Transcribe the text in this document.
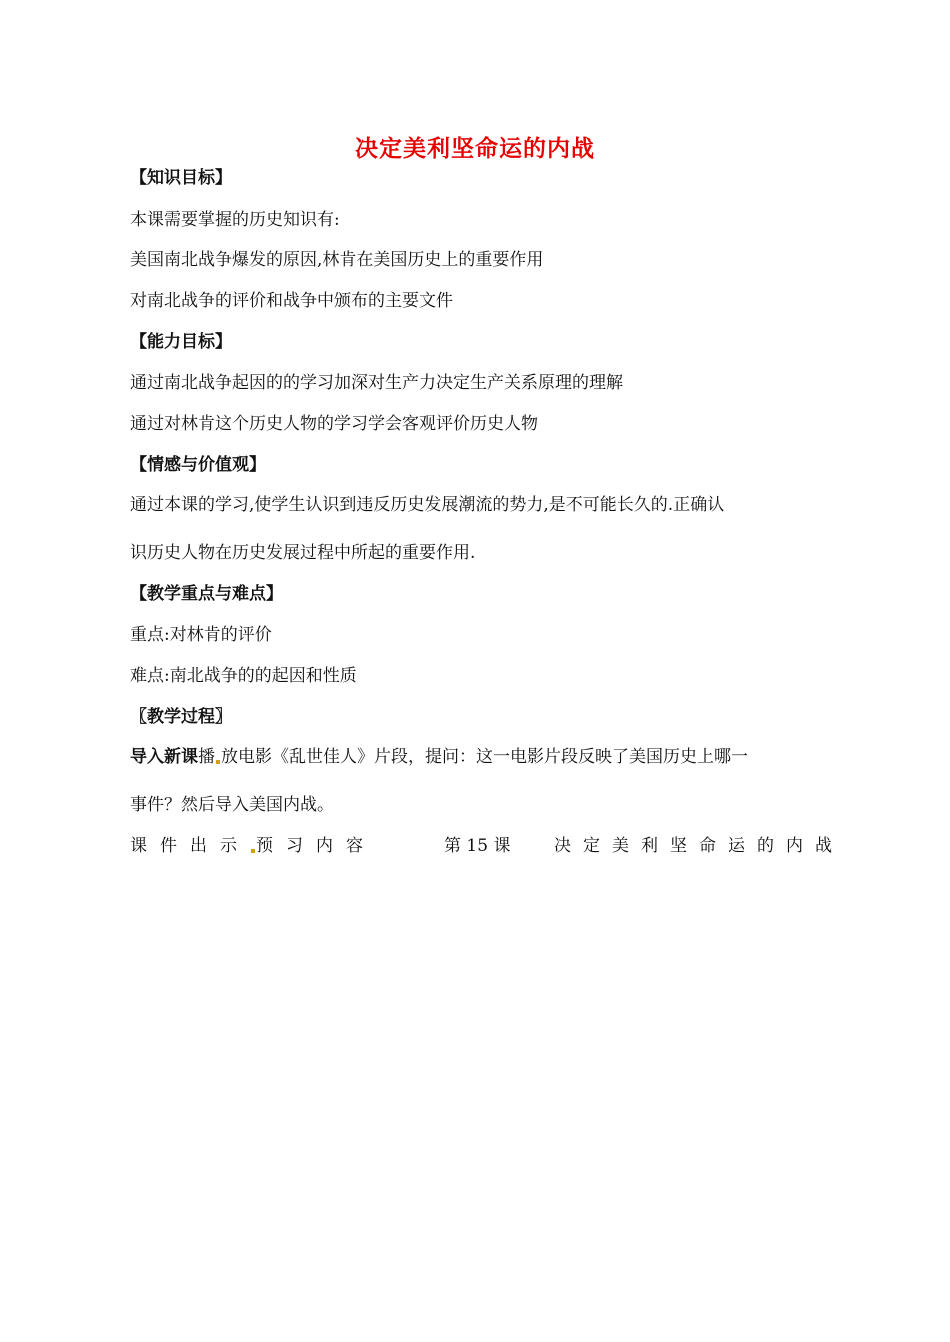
决定美利坚命运的内战
【知识目标】
本课需要掌握的历史知识有:
美国南北战争爆发的原因,林肯在美国历史上的重要作用
对南北战争的评价和战争中颁布的主要文件
【能力目标】
通过南北战争起因的的学习加深对生产力决定生产关系原理的理解
通过对林肯这个历史人物的学习学会客观评价历史人物
【情感与价值观】
通过本课的学习,使学生认识到违反历史发展潮流的势力,是不可能长久的.正确认
识历史人物在历史发展过程中所起的重要作用.
【教学重点与难点】
重点:对林肯的评价
难点:南北战争的的起因和性质
〖教学过程〗
导入新课播 放电影《乱世佳人》片段，提问：这一电影片段反映了美国历史上哪一
事件？然后导入美国内战。
课件出示 预习内容	第 15 课	决定美利坚命运的内战
